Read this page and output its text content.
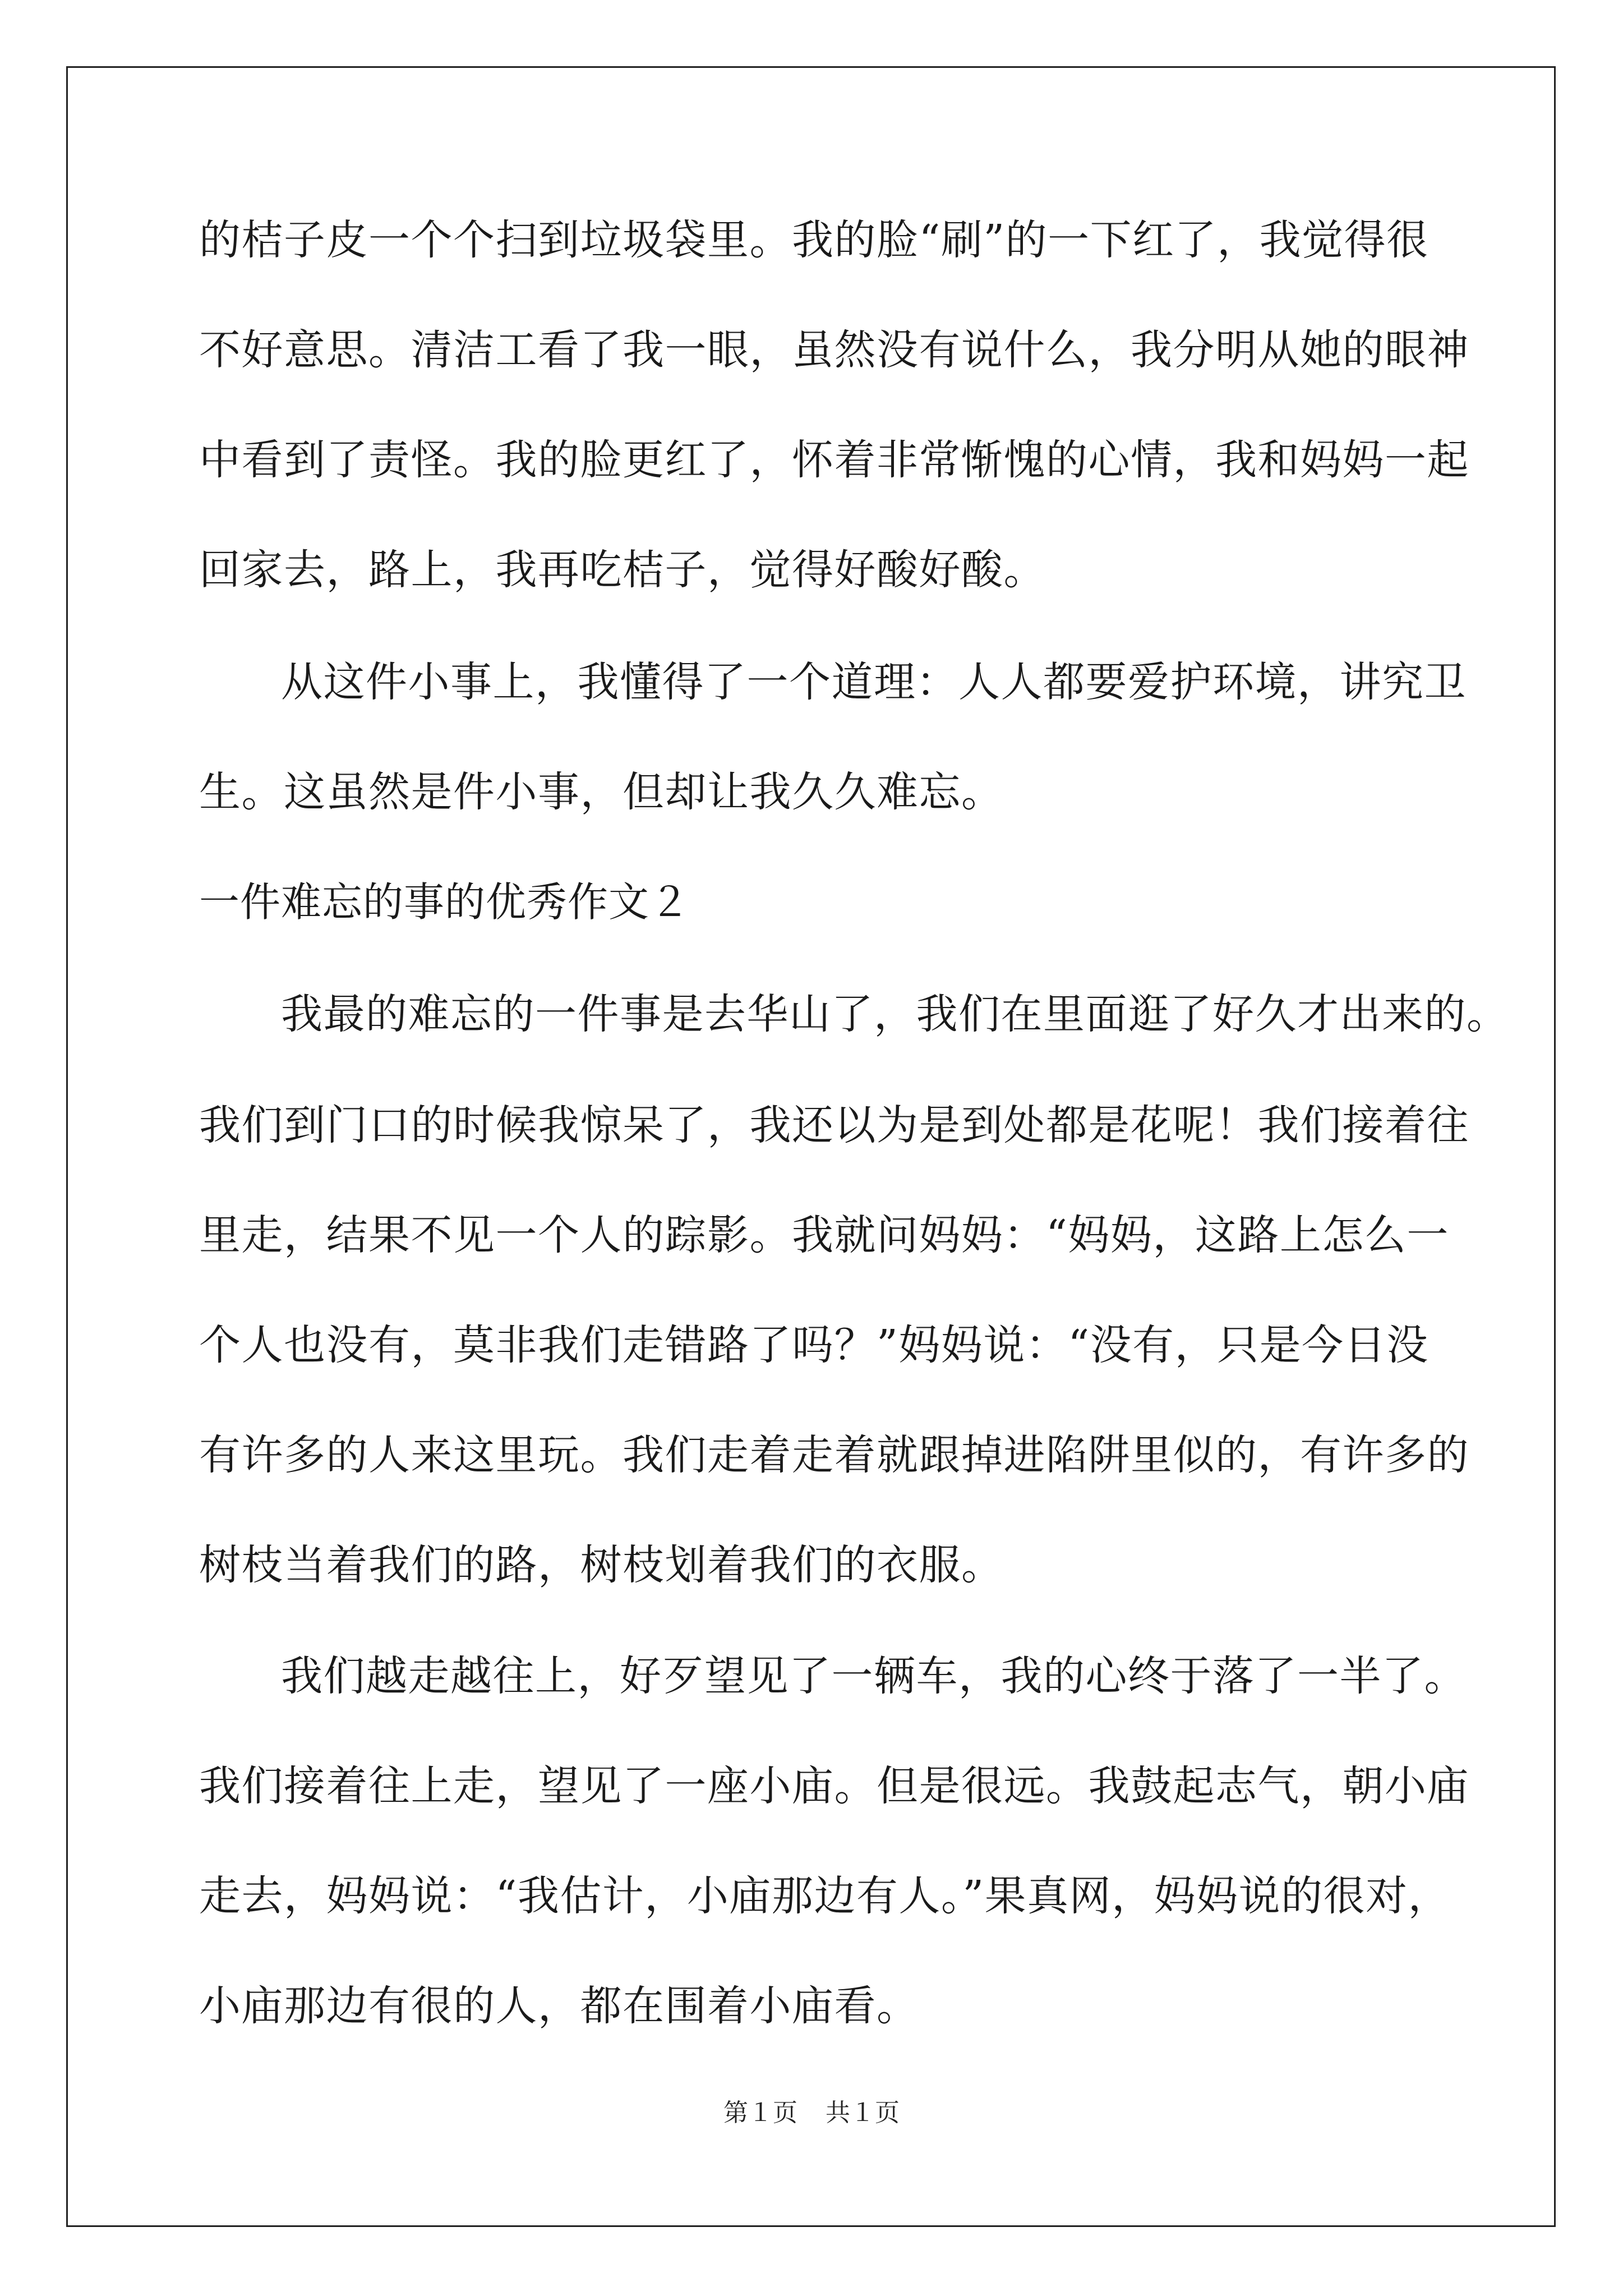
的桔子皮一个个扫到垃圾袋里。我的脸“刷”的一下红了，我觉得很
不好意思。清洁工看了我一眼，虽然没有说什么，我分明从她的眼神
中看到了责怪。我的脸更红了，怀着非常惭愧的心情，我和妈妈一起
回家去，路上，我再吃桔子，觉得好酸好酸。
从这件小事上，我懂得了一个道理：人人都要爱护环境，讲究卫
生。这虽然是件小事，但却让我久久难忘。
一件难忘的事的优秀作文２
我最的难忘的一件事是去华山了，我们在里面逛了好久才出来的。
我们到门口的时候我惊呆了，我还以为是到处都是花呢！我们接着往
里走，结果不见一个人的踪影。我就问妈妈：“妈妈，这路上怎么一
个人也没有，莫非我们走错路了吗？”妈妈说：“没有，只是今日没
有许多的人来这里玩。我们走着走着就跟掉进陷阱里似的，有许多的
树枝当着我们的路，树枝划着我们的衣服。
我们越走越往上，好歹望见了一辆车，我的心终于落了一半了。
我们接着往上走，望见了一座小庙。但是很远。我鼓起志气，朝小庙
走去，妈妈说：“我估计，小庙那边有人。”果真网，妈妈说的很对，
小庙那边有很的人，都在围着小庙看。
第１页 共１页
